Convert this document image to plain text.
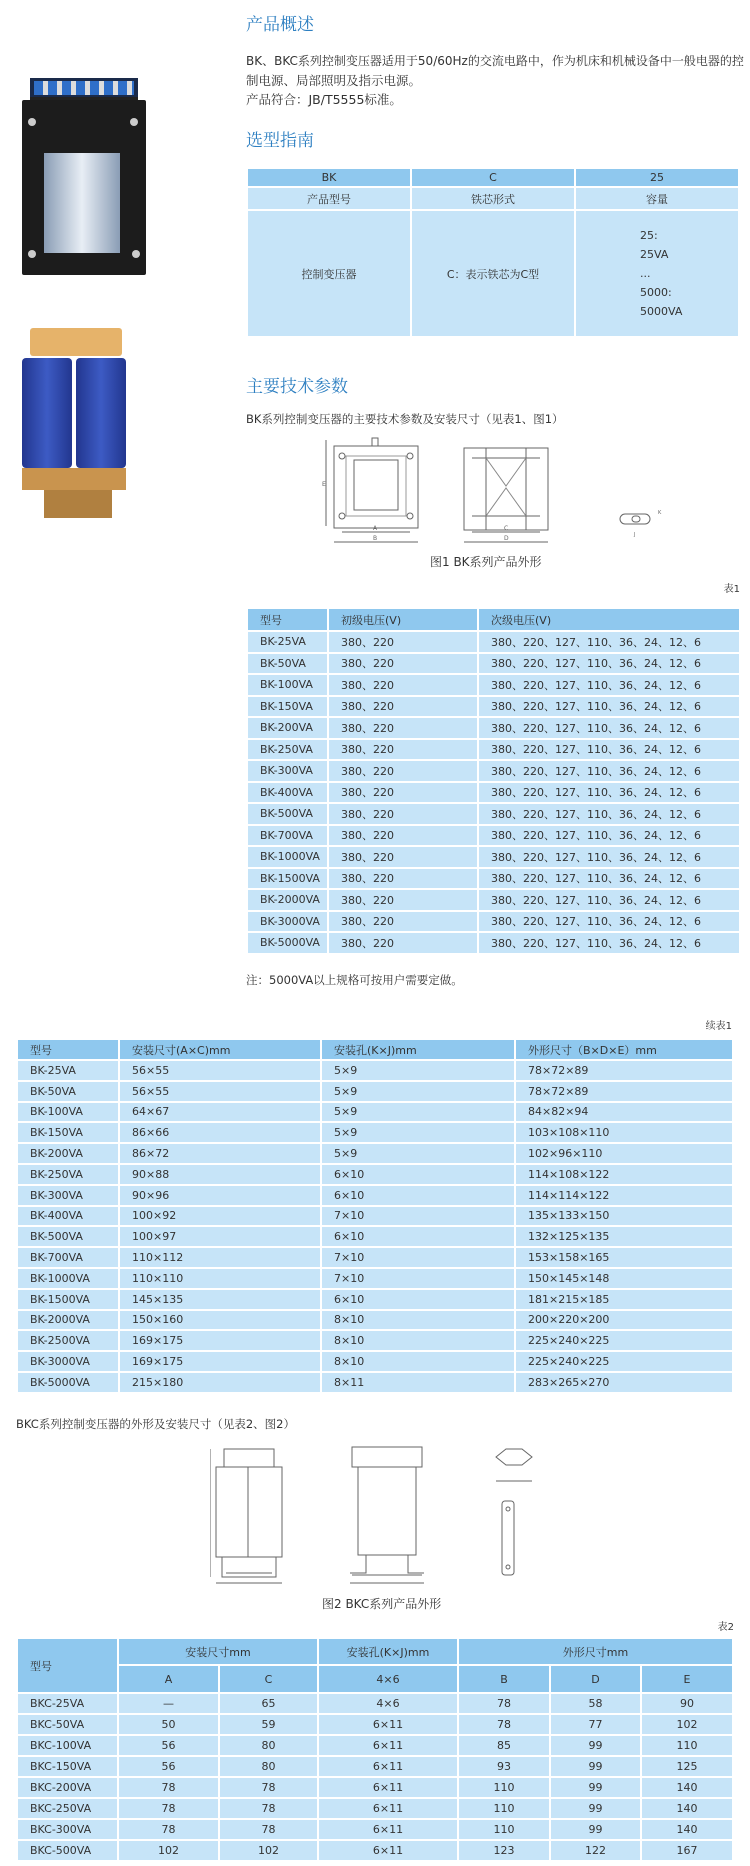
产品概述
BK、BKC系列控制变压器适用于50/60Hz的交流电路中，作为机床和机械设备中一般电器的控
制电源、局部照明及指示电源。
产品符合：JB/T5555标准。
选型指南
BK	C	25
产品型号	铁芯形式	容量
控制变压器	C：表示铁芯为C型	25:
25VA
...
5000:
5000VA
主要技术参数
BK系列控制变压器的主要技术参数及安装尺寸（见表1、图1）
A
B
E
C
D
K
J
图1 BK系列产品外形
表1
型号	初级电压(V)	次级电压(V)
BK-25VA	380、220	380、220、127、110、36、24、12、6
BK-50VA	380、220	380、220、127、110、36、24、12、6
BK-100VA	380、220	380、220、127、110、36、24、12、6
BK-150VA	380、220	380、220、127、110、36、24、12、6
BK-200VA	380、220	380、220、127、110、36、24、12、6
BK-250VA	380、220	380、220、127、110、36、24、12、6
BK-300VA	380、220	380、220、127、110、36、24、12、6
BK-400VA	380、220	380、220、127、110、36、24、12、6
BK-500VA	380、220	380、220、127、110、36、24、12、6
BK-700VA	380、220	380、220、127、110、36、24、12、6
BK-1000VA	380、220	380、220、127、110、36、24、12、6
BK-1500VA	380、220	380、220、127、110、36、24、12、6
BK-2000VA	380、220	380、220、127、110、36、24、12、6
BK-3000VA	380、220	380、220、127、110、36、24、12、6
BK-5000VA	380、220	380、220、127、110、36、24、12、6
注：5000VA以上规格可按用户需要定做。
续表1
型号	安装尺寸(A×C)mm	安装孔(K×J)mm	外形尺寸（B×D×E）mm
BK-25VA	56×55	5×9	78×72×89
BK-50VA	56×55	5×9	78×72×89
BK-100VA	64×67	5×9	84×82×94
BK-150VA	86×66	5×9	103×108×110
BK-200VA	86×72	5×9	102×96×110
BK-250VA	90×88	6×10	114×108×122
BK-300VA	90×96	6×10	114×114×122
BK-400VA	100×92	7×10	135×133×150
BK-500VA	100×97	6×10	132×125×135
BK-700VA	110×112	7×10	153×158×165
BK-1000VA	110×110	7×10	150×145×148
BK-1500VA	145×135	6×10	181×215×185
BK-2000VA	150×160	8×10	200×220×200
BK-2500VA	169×175	8×10	225×240×225
BK-3000VA	169×175	8×10	225×240×225
BK-5000VA	215×180	8×11	283×265×270
BKC系列控制变压器的外形及安装尺寸（见表2、图2）
图2 BKC系列产品外形
表2
型号	安装尺寸mm		安装孔(K×J)mm	外形尺寸mm		
	A	C	4×6	B	D	E
BKC-25VA	—	65	4×6	78	58	90
BKC-50VA	50	59	6×11	78	77	102
BKC-100VA	56	80	6×11	85	99	110
BKC-150VA	56	80	6×11	93	99	125
BKC-200VA	78	78	6×11	110	99	140
BKC-250VA	78	78	6×11	110	99	140
BKC-300VA	78	78	6×11	110	99	140
BKC-500VA	102	102	6×11	123	122	167
